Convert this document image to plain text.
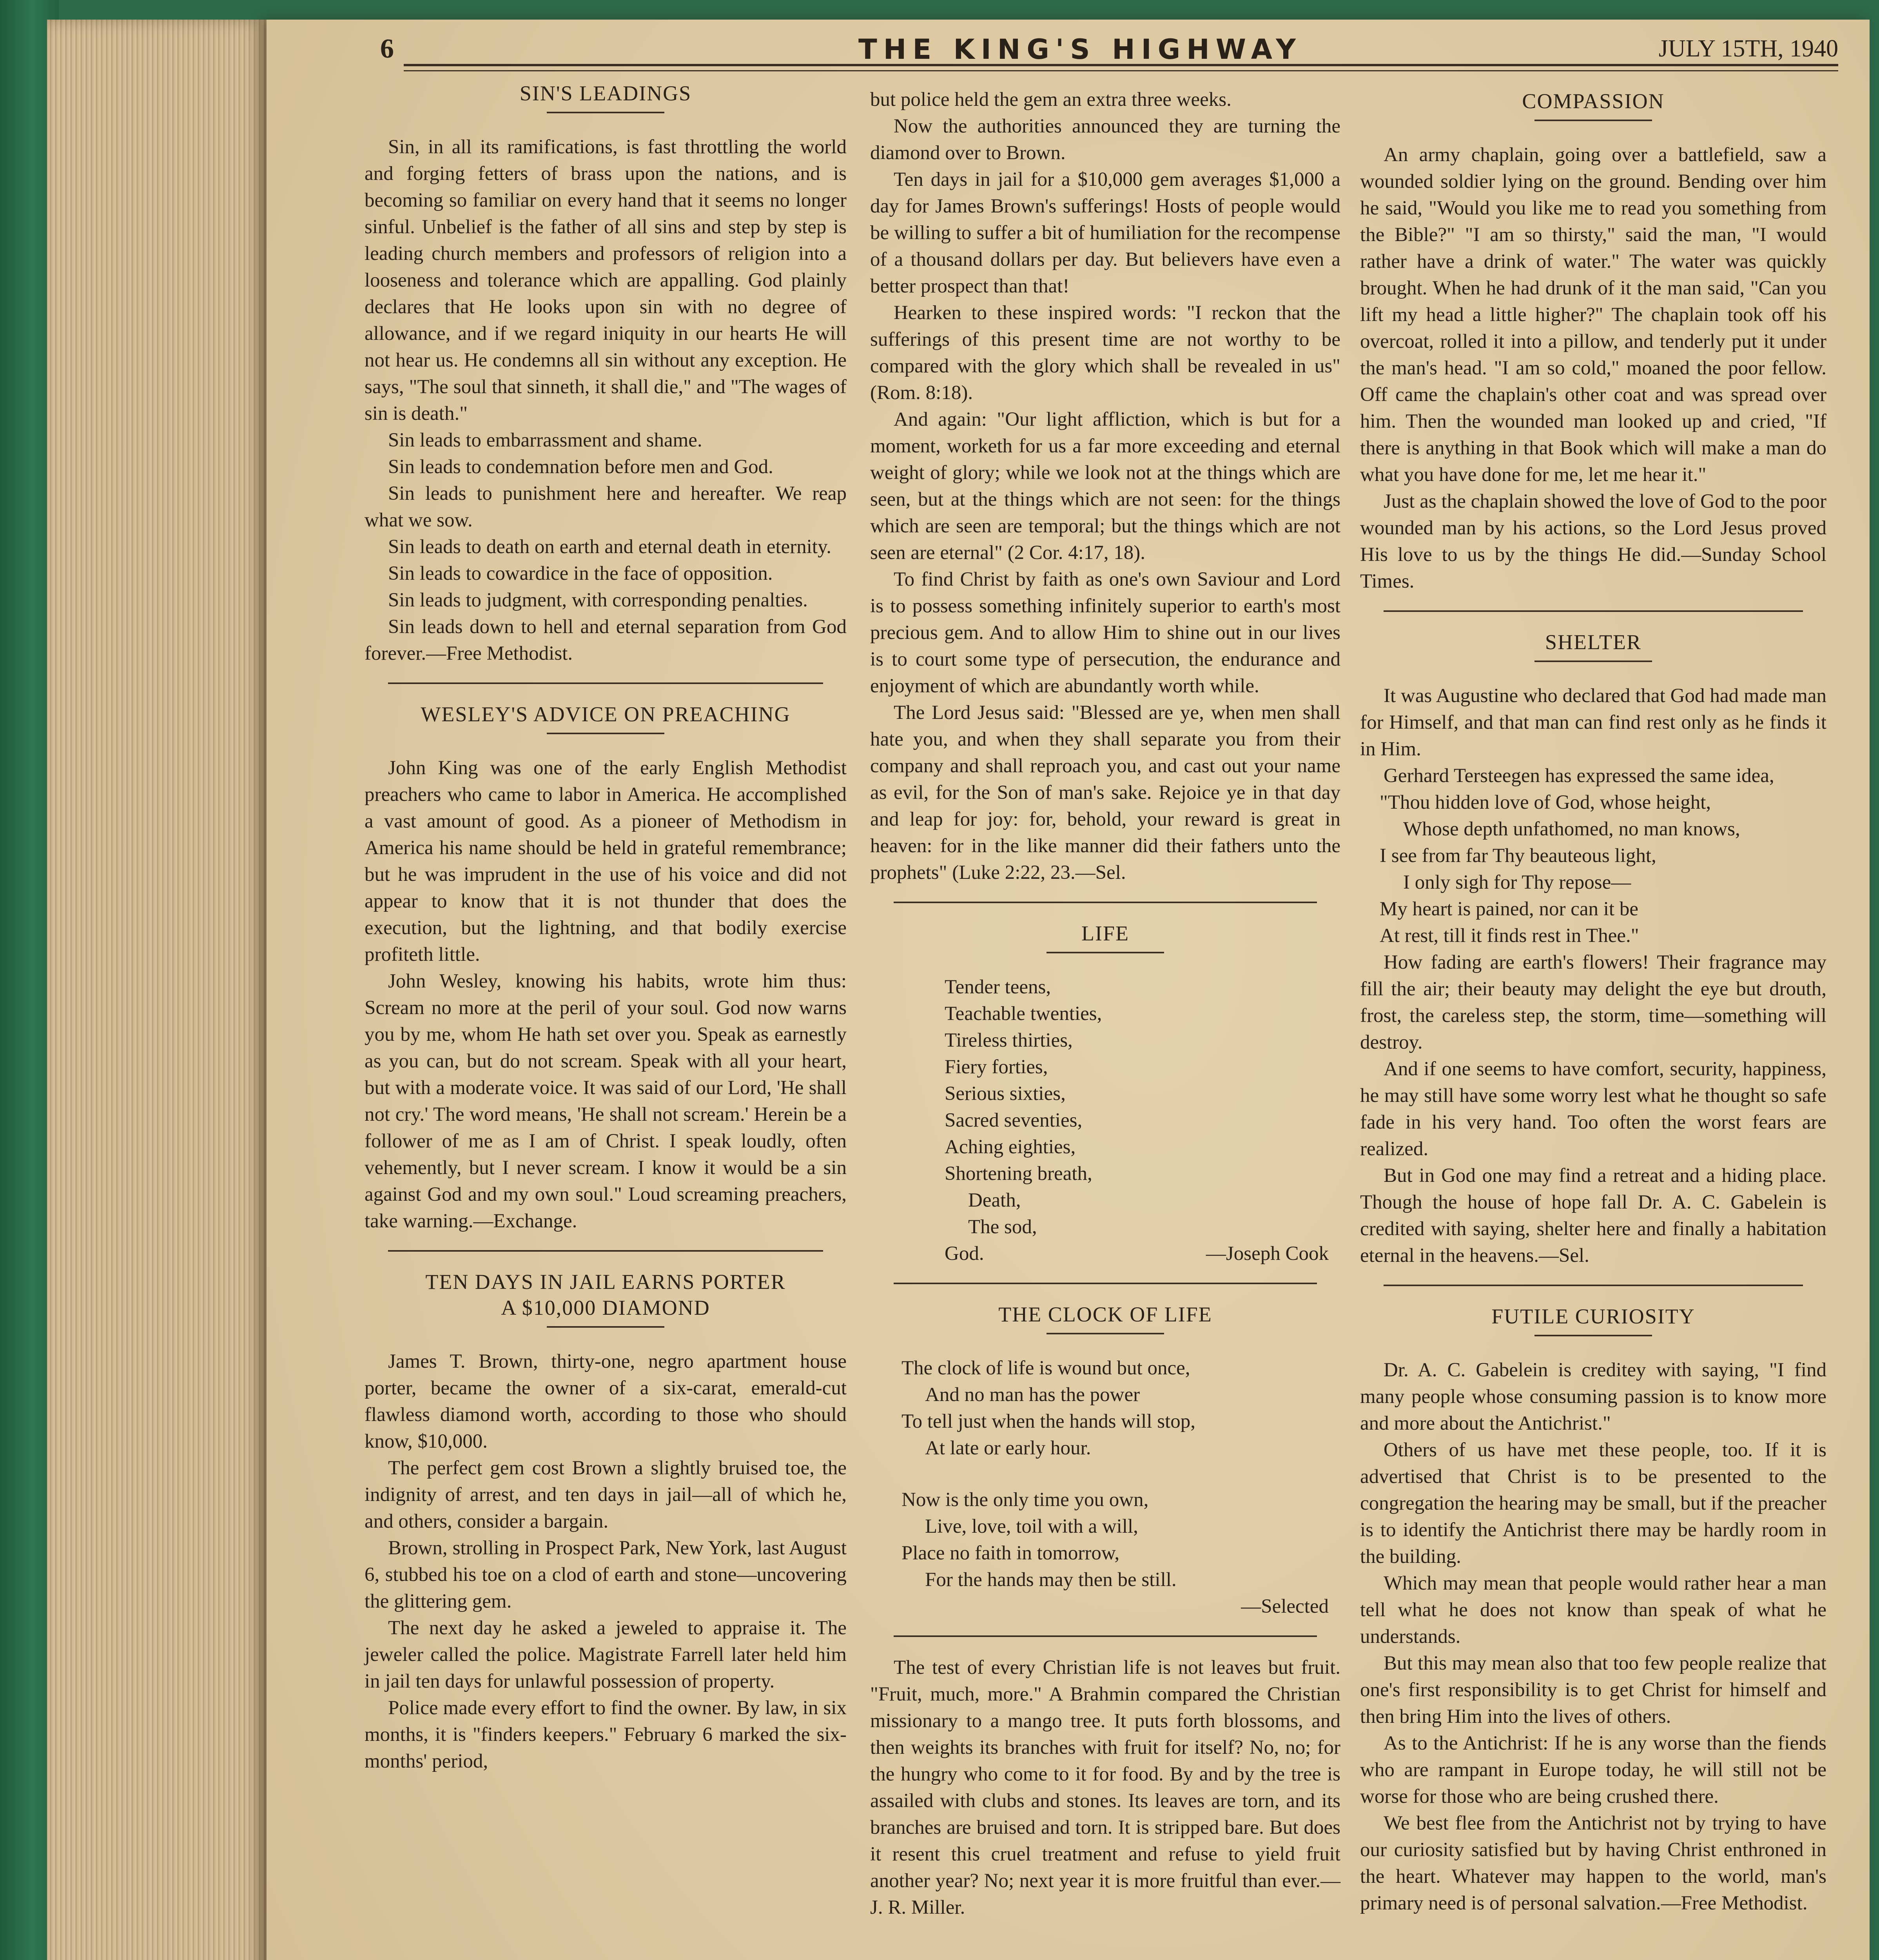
6	THE KING'S HIGHWAY	JULY 15TH, 1940
SIN'S LEADINGS

Sin, in all its ramifications, is fast throttling the world and forging fetters of brass upon the nations, and is becoming so familiar on every hand that it seems no longer sinful. Unbelief is the father of all sins and step by step is leading church members and professors of religion into a looseness and tolerance which are appalling. God plainly declares that He looks upon sin with no degree of allowance, and if we regard iniquity in our hearts He will not hear us. He condemns all sin without any exception. He says, "The soul that sinneth, it shall die," and "The wages of sin is death."

Sin leads to embarrassment and shame.

Sin leads to condemnation before men and God.

Sin leads to punishment here and hereafter. We reap what we sow.

Sin leads to death on earth and eternal death in eternity.

Sin leads to cowardice in the face of opposition.

Sin leads to judgment, with corresponding penalties.

Sin leads down to hell and eternal separation from God forever.—Free Methodist.

WESLEY'S ADVICE ON PREACHING

John King was one of the early English Methodist preachers who came to labor in America. He accomplished a vast amount of good. As a pioneer of Methodism in America his name should be held in grateful remembrance; but he was imprudent in the use of his voice and did not appear to know that it is not thunder that does the execution, but the lightning, and that bodily exercise profiteth little.

John Wesley, knowing his habits, wrote him thus: Scream no more at the peril of your soul. God now warns you by me, whom He hath set over you. Speak as earnestly as you can, but do not scream. Speak with all your heart, but with a moderate voice. It was said of our Lord, 'He shall not cry.' The word means, 'He shall not scream.' Herein be a follower of me as I am of Christ. I speak loudly, often vehemently, but I never scream. I know it would be a sin against God and my own soul." Loud screaming preachers, take warning.—Exchange.

TEN DAYS IN JAIL EARNS PORTER
A $10,000 DIAMOND

James T. Brown, thirty-one, negro apartment house porter, became the owner of a six-carat, emerald-cut flawless diamond worth, according to those who should know, $10,000.

The perfect gem cost Brown a slightly bruised toe, the indignity of arrest, and ten days in jail—all of which he, and others, consider a bargain.

Brown, strolling in Prospect Park, New York, last August 6, stubbed his toe on a clod of earth and stone—uncovering the glittering gem.

The next day he asked a jeweled to appraise it. The jeweler called the police. Magistrate Farrell later held him in jail ten days for unlawful possession of property.

Police made every effort to find the owner. By law, in six months, it is "finders keepers." February 6 marked the six-months' period,

but police held the gem an extra three weeks.

Now the authorities announced they are turning the diamond over to Brown.

Ten days in jail for a $10,000 gem averages $1,000 a day for James Brown's sufferings! Hosts of people would be willing to suffer a bit of humiliation for the recompense of a thousand dollars per day. But believers have even a better prospect than that!

Hearken to these inspired words: "I reckon that the sufferings of this present time are not worthy to be compared with the glory which shall be revealed in us" (Rom. 8:18).

And again: "Our light affliction, which is but for a moment, worketh for us a far more exceeding and eternal weight of glory; while we look not at the things which are seen, but at the things which are not seen: for the things which are seen are temporal; but the things which are not seen are eternal" (2 Cor. 4:17, 18).

To find Christ by faith as one's own Saviour and Lord is to possess something infinitely superior to earth's most precious gem. And to allow Him to shine out in our lives is to court some type of persecution, the endurance and enjoyment of which are abundantly worth while.

The Lord Jesus said: "Blessed are ye, when men shall hate you, and when they shall separate you from their company and shall reproach you, and cast out your name as evil, for the Son of man's sake. Rejoice ye in that day and leap for joy: for, behold, your reward is great in heaven: for in the like manner did their fathers unto the prophets" (Luke 2:22, 23.—Sel.

LIFE
Tender teens,
Teachable twenties,
Tireless thirties,
Fiery forties,
Serious sixties,
Sacred seventies,
Aching eighties,
Shortening breath,
Death,
The sod,
God.	—Joseph Cook
THE CLOCK OF LIFE
The clock of life is wound but once,
And no man has the power
To tell just when the hands will stop,
At late or early hour.
Now is the only time you own,
Live, love, toil with a will,
Place no faith in tomorrow,
For the hands may then be still.
—Selected

The test of every Christian life is not leaves but fruit. "Fruit, much, more." A Brahmin compared the Christian missionary to a mango tree. It puts forth blossoms, and then weights its branches with fruit for itself? No, no; for the hungry who come to it for food. By and by the tree is assailed with clubs and stones. Its leaves are torn, and its branches are bruised and torn. It is stripped bare. But does it resent this cruel treatment and refuse to yield fruit another year? No; next year it is more fruitful than ever.—J. R. Miller.

COMPASSION

An army chaplain, going over a battlefield, saw a wounded soldier lying on the ground. Bending over him he said, "Would you like me to read you something from the Bible?" "I am so thirsty," said the man, "I would rather have a drink of water." The water was quickly brought. When he had drunk of it the man said, "Can you lift my head a little higher?" The chaplain took off his overcoat, rolled it into a pillow, and tenderly put it under the man's head. "I am so cold," moaned the poor fellow. Off came the chaplain's other coat and was spread over him. Then the wounded man looked up and cried, "If there is anything in that Book which will make a man do what you have done for me, let me hear it."

Just as the chaplain showed the love of God to the poor wounded man by his actions, so the Lord Jesus proved His love to us by the things He did.—Sunday School Times.

SHELTER

It was Augustine who declared that God had made man for Himself, and that man can find rest only as he finds it in Him.

Gerhard Tersteegen has expressed the same idea,

"Thou hidden love of God, whose height,
Whose depth unfathomed, no man knows,
I see from far Thy beauteous light,
I only sigh for Thy repose—
My heart is pained, nor can it be
At rest, till it finds rest in Thee."

How fading are earth's flowers! Their fragrance may fill the air; their beauty may delight the eye but drouth, frost, the careless step, the storm, time—something will destroy.

And if one seems to have comfort, security, happiness, he may still have some worry lest what he thought so safe fade in his very hand. Too often the worst fears are realized.

But in God one may find a retreat and a hiding place. Though the house of hope fall Dr. A. C. Gabelein is credited with saying, shelter here and finally a habitation eternal in the heavens.—Sel.

FUTILE CURIOSITY

Dr. A. C. Gabelein is creditey with saying, "I find many people whose consuming passion is to know more and more about the Antichrist."

Others of us have met these people, too. If it is advertised that Christ is to be presented to the congregation the hearing may be small, but if the preacher is to identify the Antichrist there may be hardly room in the building.

Which may mean that people would rather hear a man tell what he does not know than speak of what he understands.

But this may mean also that too few people realize that one's first responsibility is to get Christ for himself and then bring Him into the lives of others.

As to the Antichrist: If he is any worse than the fiends who are rampant in Europe today, he will still not be worse for those who are being crushed there.

We best flee from the Antichrist not by trying to have our curiosity satisfied but by having Christ enthroned in the heart. Whatever may happen to the world, man's primary need is of personal salvation.—Free Methodist.
